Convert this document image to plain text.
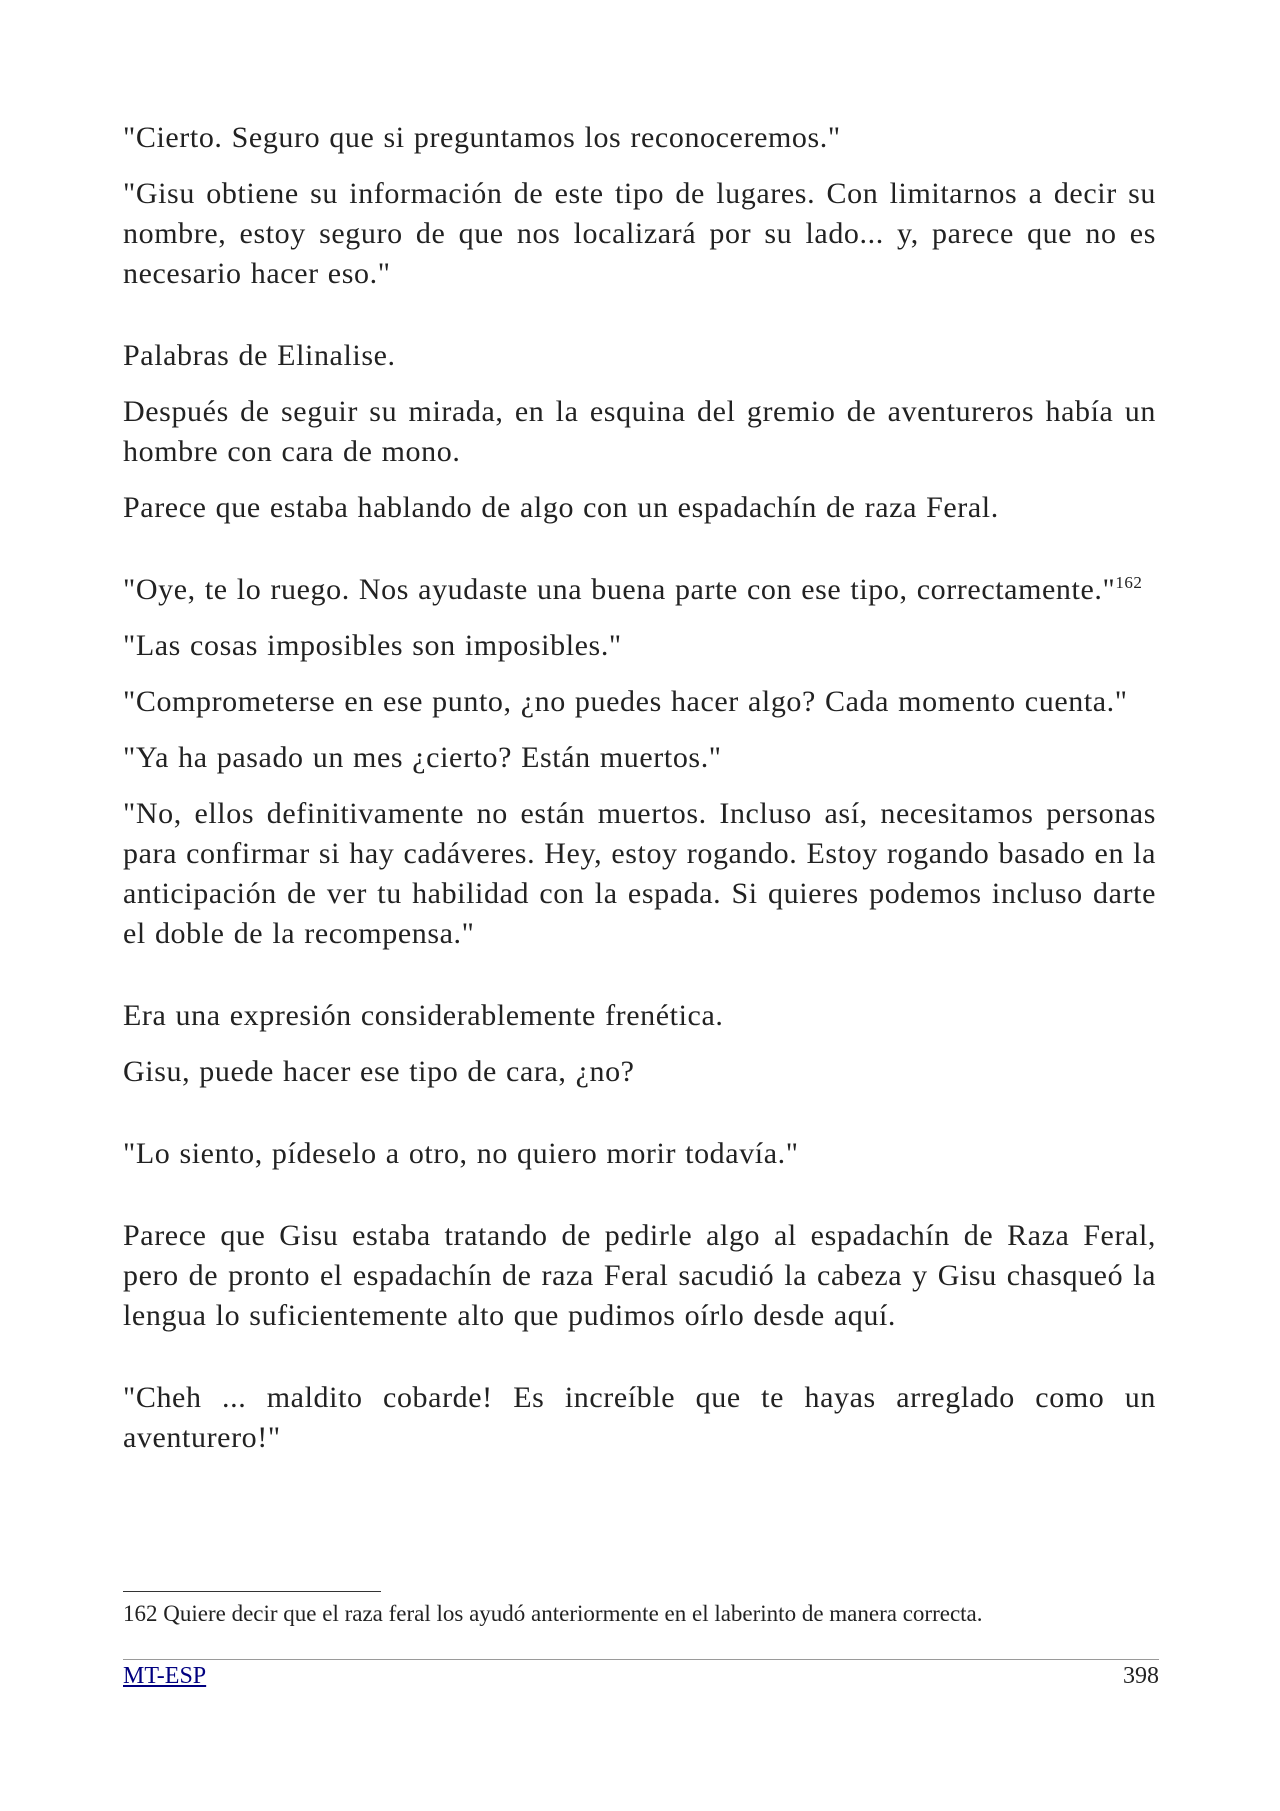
"Cierto. Seguro que si preguntamos los reconoceremos."

"Gisu obtiene su información de este tipo de lugares. Con limitarnos a decir su nombre, estoy seguro de que nos localizará por su lado... y, parece que no es necesario hacer eso."

Palabras de Elinalise.

Después de seguir su mirada, en la esquina del gremio de aventureros había un hombre con cara de mono.

Parece que estaba hablando de algo con un espadachín de raza Feral.

"Oye, te lo ruego. Nos ayudaste una buena parte con ese tipo, correctamente."$^{162}$

"Las cosas imposibles son imposibles."

"Comprometerse en ese punto, ¿no puedes hacer algo? Cada momento cuenta."

"Ya ha pasado un mes ¿cierto? Están muertos."

"No, ellos definitivamente no están muertos. Incluso así, necesitamos personas para confirmar si hay cadáveres. Hey, estoy rogando. Estoy rogando basado en la anticipación de ver tu habilidad con la espada. Si quieres podemos incluso darte el doble de la recompensa."

Era una expresión considerablemente frenética.

Gisu, puede hacer ese tipo de cara, ¿no?

"Lo siento, pídeselo a otro, no quiero morir todavía."

Parece que Gisu estaba tratando de pedirle algo al espadachín de Raza Feral, pero de pronto el espadachín de raza Feral sacudió la cabeza y Gisu chasqueó la lengua lo suficientemente alto que pudimos oírlo desde aquí.

"Cheh ... maldito cobarde! Es increíble que te hayas arreglado como un aventurero!"

162 Quiere decir que el raza feral los ayudó anteriormente en el laberinto de manera correcta.
MT-ESP	398
